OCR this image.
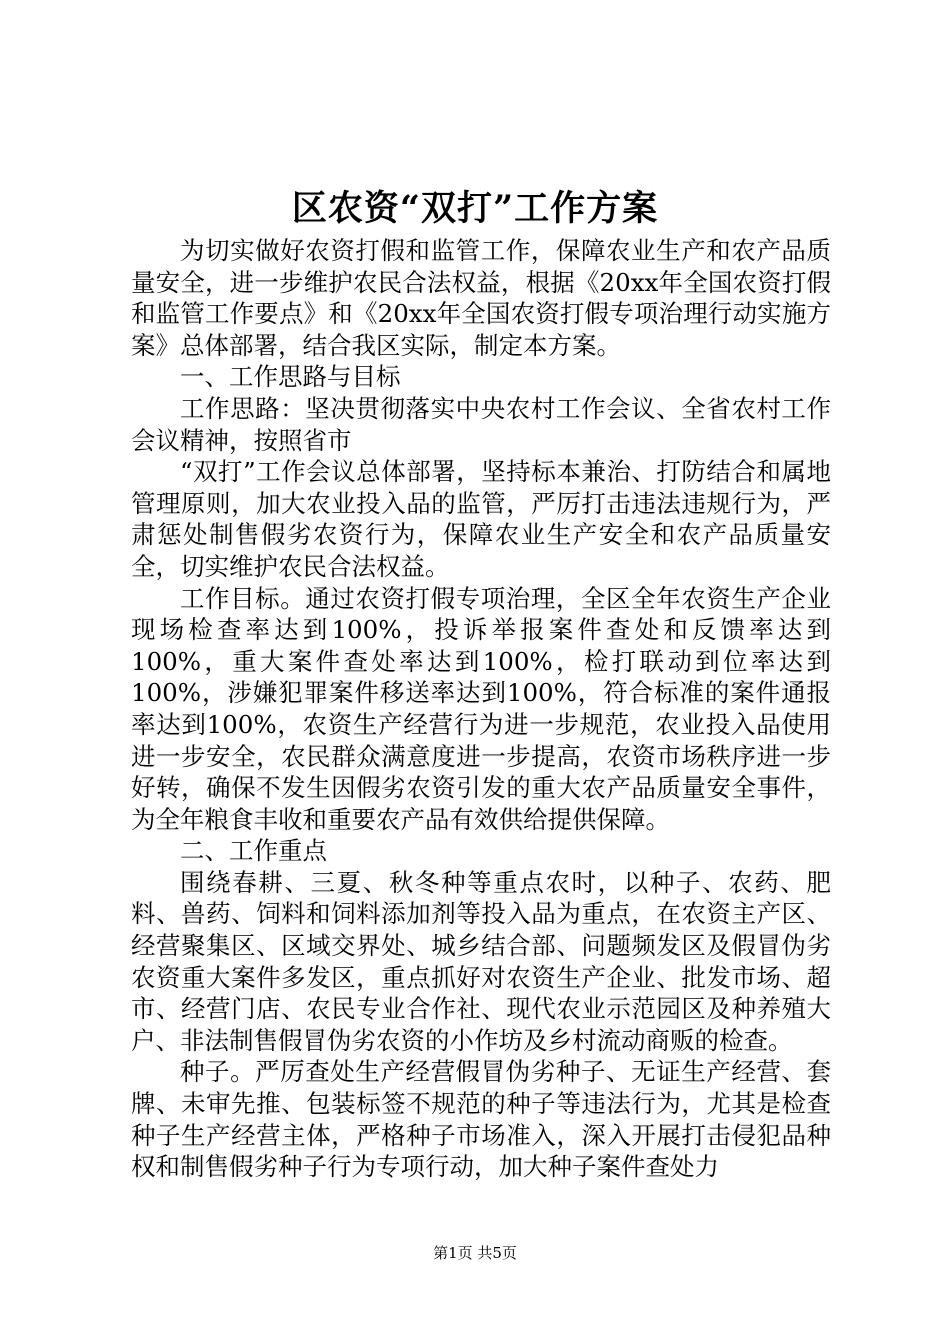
区农资“双打”工作方案

为切实做好农资打假和监管工作，保障农业生产和农产品质量安全，进一步维护农民合法权益，根据《20xx年全国农资打假和监管工作要点》和《20xx年全国农资打假专项治理行动实施方案》总体部署，结合我区实际，制定本方案。

一、工作思路与目标

工作思路：坚决贯彻落实中央农村工作会议、全省农村工作会议精神，按照省市

“双打”工作会议总体部署，坚持标本兼治、打防结合和属地管理原则，加大农业投入品的监管，严厉打击违法违规行为，严肃惩处制售假劣农资行为，保障农业生产安全和农产品质量安全，切实维护农民合法权益。

工作目标。通过农资打假专项治理，全区全年农资生产企业现场检查率达到100%，投诉举报案件查处和反馈率达到100%，重大案件查处率达到100%，检打联动到位率达到100%，涉嫌犯罪案件移送率达到100%，符合标准的案件通报率达到100%，农资生产经营行为进一步规范，农业投入品使用进一步安全，农民群众满意度进一步提高，农资市场秩序进一步好转，确保不发生因假劣农资引发的重大农产品质量安全事件，为全年粮食丰收和重要农产品有效供给提供保障。

二、工作重点

围绕春耕、三夏、秋冬种等重点农时，以种子、农药、肥料、兽药、饲料和饲料添加剂等投入品为重点，在农资主产区、经营聚集区、区域交界处、城乡结合部、问题频发区及假冒伪劣农资重大案件多发区，重点抓好对农资生产企业、批发市场、超市、经营门店、农民专业合作社、现代农业示范园区及种养殖大户、非法制售假冒伪劣农资的小作坊及乡村流动商贩的检查。

种子。严厉查处生产经营假冒伪劣种子、无证生产经营、套牌、未审先推、包装标签不规范的种子等违法行为，尤其是检查种子生产经营主体，严格种子市场准入，深入开展打击侵犯品种权和制售假劣种子行为专项行动，加大种子案件查处力

第1页 共5页
